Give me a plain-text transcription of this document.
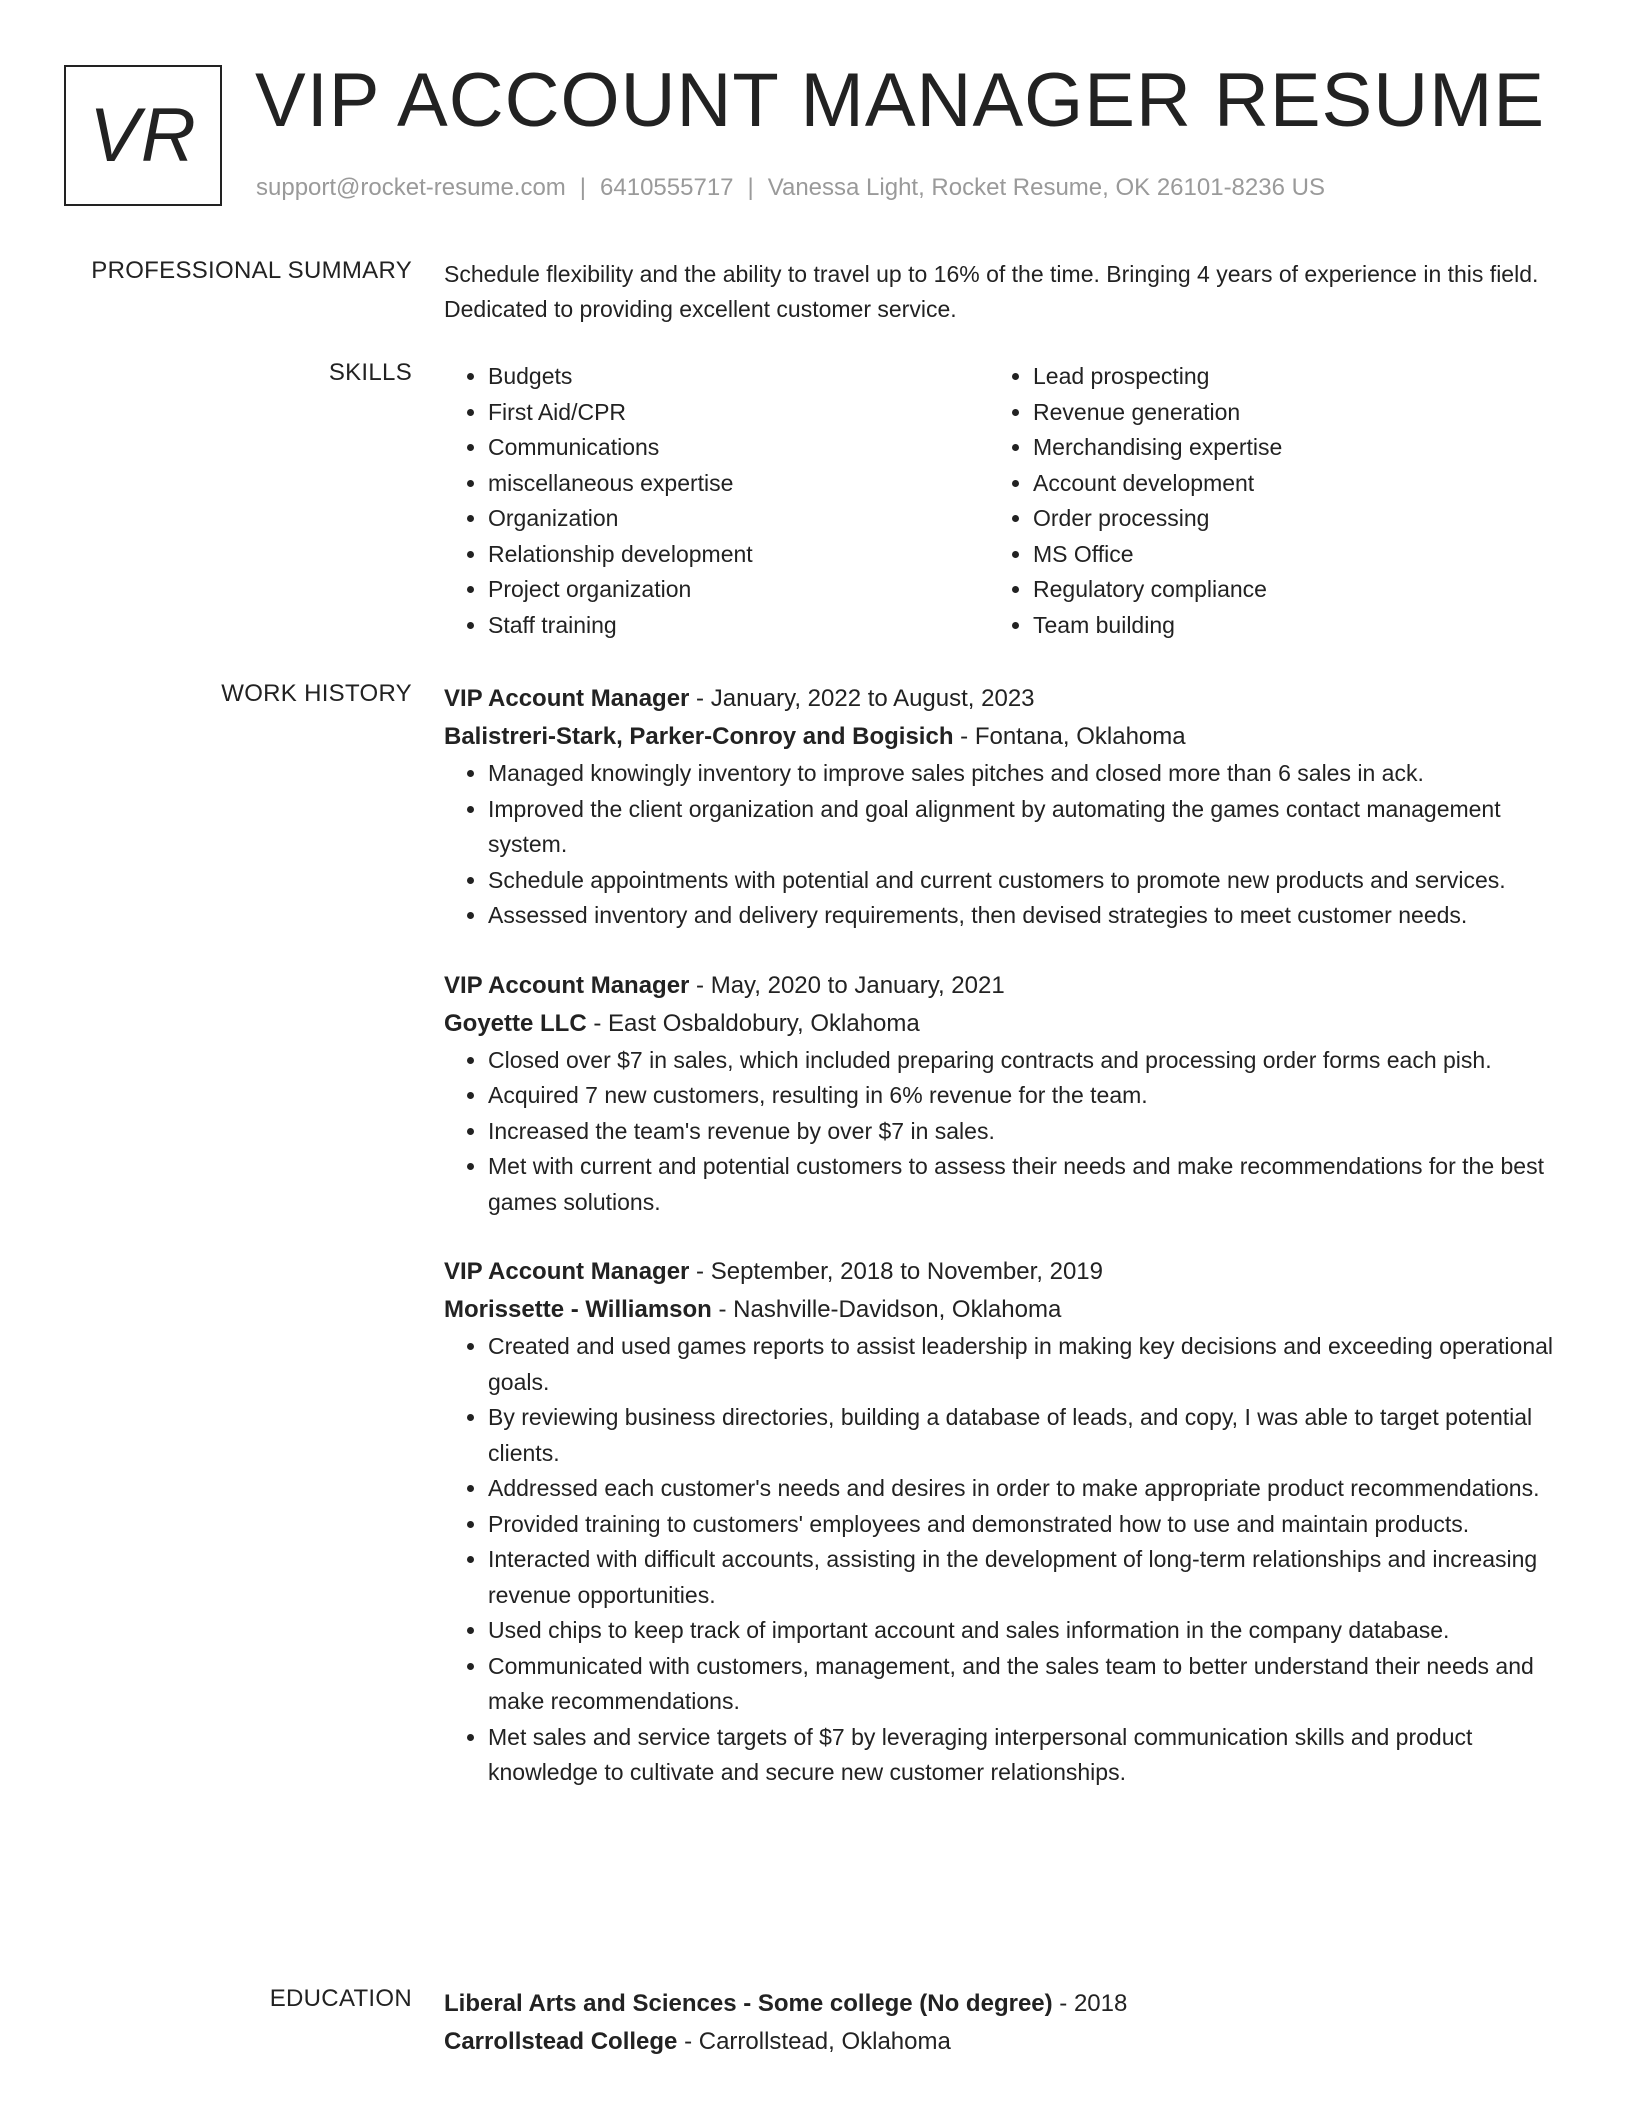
VR VIP ACCOUNT MANAGER RESUME
support@rocket-resume.com | 6410555717 | Vanessa Light, Rocket Resume, OK 26101-8236 US
PROFESSIONAL SUMMARY Schedule flexibility and the ability to travel up to 16% of the time. Bringing 4 years of experience in this field. Dedicated to providing excellent customer service.

SKILLS
•	Budgets
• First Aid/CPR
• Communications
• miscellaneous expertise
• Organization
• Relationship development
• Project organization
• Staff training
• Lead prospecting
• Revenue generation
• Merchandising expertise
• Account development
• Order processing
• MS Office
• Regulatory compliance
• Team building
WORK HISTORY VIP Account Manager - January, 2022 to August, 2023
Balistreri-Stark, Parker-Conroy and Bogisich - Fontana, Oklahoma
• Managed knowingly inventory to improve sales pitches and closed more than 6 sales in ack.
• Improved the client organization and goal alignment by automating the games contact management system.
• Schedule appointments with potential and current customers to promote new products and services.
• Assessed inventory and delivery requirements, then devised strategies to meet customer needs.
VIP Account Manager - May, 2020 to January, 2021
Goyette LLC - East Osbaldobury, Oklahoma
• Closed over $7 in sales, which included preparing contracts and processing order forms each pish.
• Acquired 7 new customers, resulting in 6% revenue for the team.
• Increased the team's revenue by over $7 in sales.
• Met with current and potential customers to assess their needs and make recommendations for the best games solutions.
VIP Account Manager - September, 2018 to November, 2019
Morissette - Williamson - Nashville-Davidson, Oklahoma
• Created and used games reports to assist leadership in making key decisions and exceeding operational goals.
• By reviewing business directories, building a database of leads, and copy, I was able to target potential clients.
• Addressed each customer's needs and desires in order to make appropriate product recommendations.
• Provided training to customers' employees and demonstrated how to use and maintain products.
• Interacted with difficult accounts, assisting in the development of long-term relationships and increasing revenue opportunities.
• Used chips to keep track of important account and sales information in the company database.
• Communicated with customers, management, and the sales team to better understand their needs and make recommendations.
• Met sales and service targets of $7 by leveraging interpersonal communication skills and product knowledge to cultivate and secure new customer relationships.
EDUCATION Liberal Arts and Sciences - Some college (No degree) - 2018
Carrollstead College - Carrollstead, Oklahoma
